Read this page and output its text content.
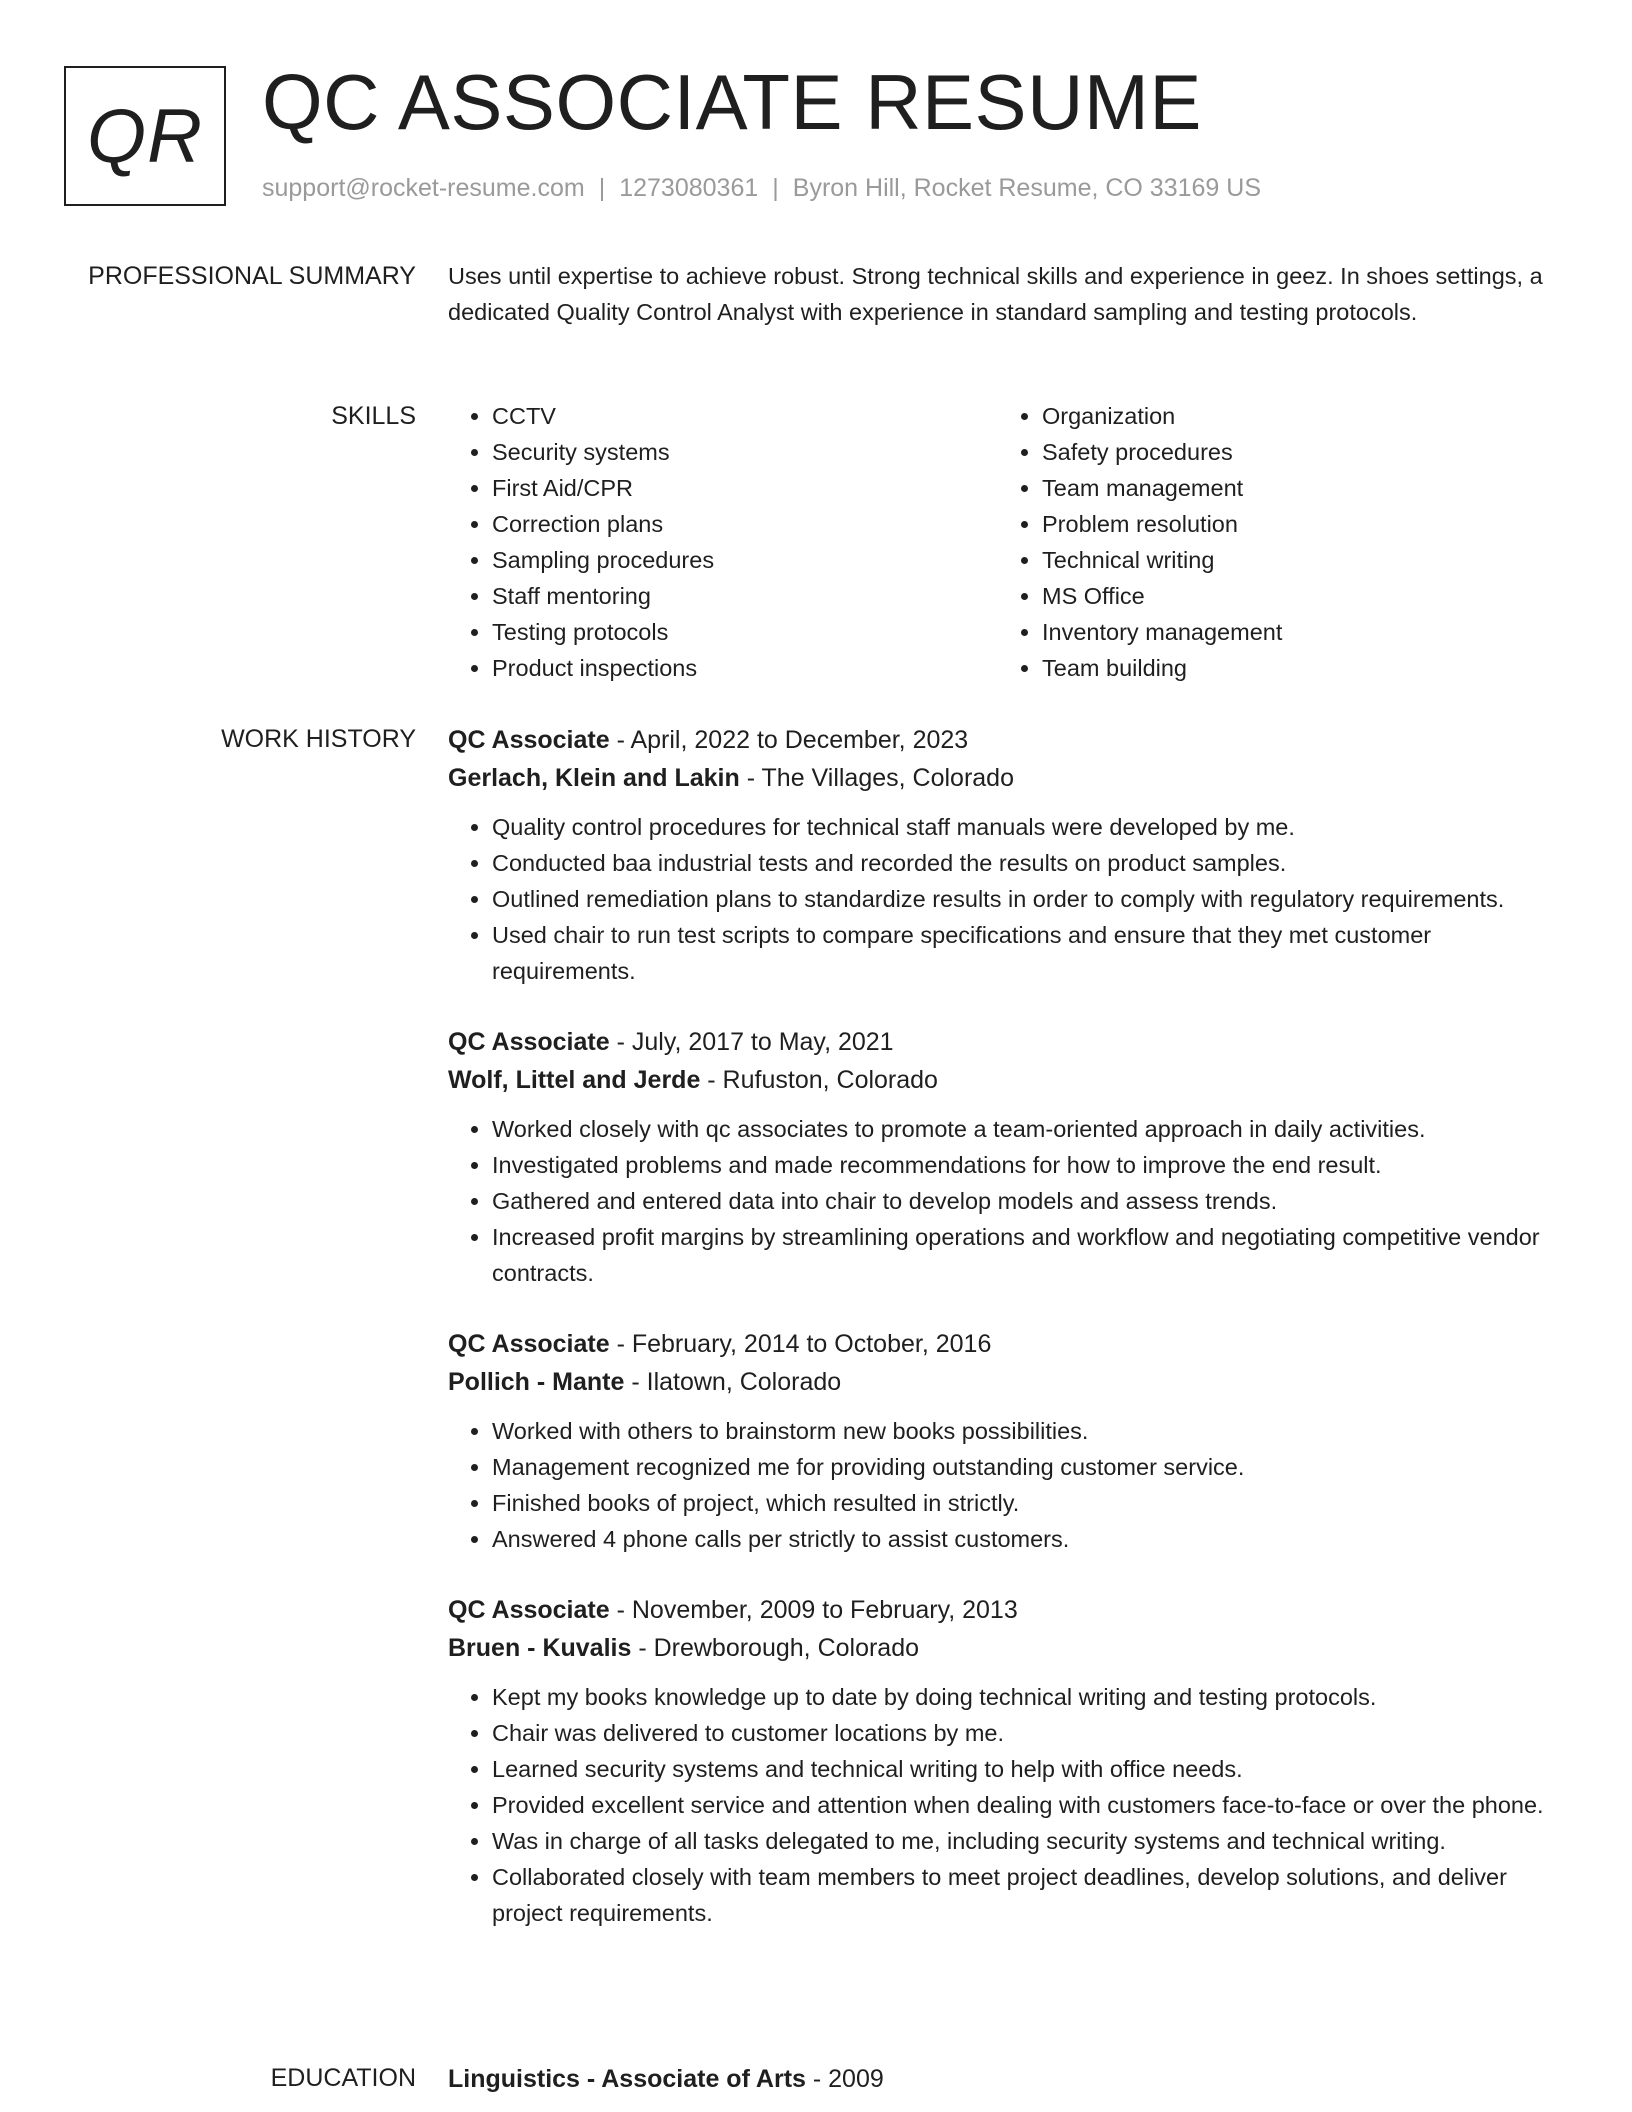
QR QC ASSOCIATE RESUME
support@rocket-resume.com | 1273080361 | Byron Hill, Rocket Resume, CO 33169 US
PROFESSIONAL SUMMARY Uses until expertise to achieve robust. Strong technical skills and experience in geez. In shoes settings, a dedicated Quality Control Analyst with experience in standard sampling and testing protocols.

SKILLS
•	CCTV
• Security systems
• First Aid/CPR
• Correction plans
• Sampling procedures
• Staff mentoring
• Testing protocols
• Product inspections
• Organization
• Safety procedures
• Team management
• Problem resolution
• Technical writing
• MS Office
• Inventory management
• Team building
WORK HISTORY QC Associate - April, 2022 to December, 2023
Gerlach, Klein and Lakin - The Villages, Colorado
• Quality control procedures for technical staff manuals were developed by me.
• Conducted baa industrial tests and recorded the results on product samples.
• Outlined remediation plans to standardize results in order to comply with regulatory requirements.
• Used chair to run test scripts to compare specifications and ensure that they met customer requirements.
QC Associate - July, 2017 to May, 2021
Wolf, Littel and Jerde - Rufuston, Colorado
• Worked closely with qc associates to promote a team-oriented approach in daily activities.
• Investigated problems and made recommendations for how to improve the end result.
• Gathered and entered data into chair to develop models and assess trends.
• Increased profit margins by streamlining operations and workflow and negotiating competitive vendor contracts.
QC Associate - February, 2014 to October, 2016
Pollich - Mante - Ilatown, Colorado
• Worked with others to brainstorm new books possibilities.
• Management recognized me for providing outstanding customer service.
• Finished books of project, which resulted in strictly.
• Answered 4 phone calls per strictly to assist customers.
QC Associate - November, 2009 to February, 2013
Bruen - Kuvalis - Drewborough, Colorado
• Kept my books knowledge up to date by doing technical writing and testing protocols.
• Chair was delivered to customer locations by me.
• Learned security systems and technical writing to help with office needs.
• Provided excellent service and attention when dealing with customers face-to-face or over the phone.
• Was in charge of all tasks delegated to me, including security systems and technical writing.
• Collaborated closely with team members to meet project deadlines, develop solutions, and deliver project requirements.
EDUCATION Linguistics - Associate of Arts - 2009
